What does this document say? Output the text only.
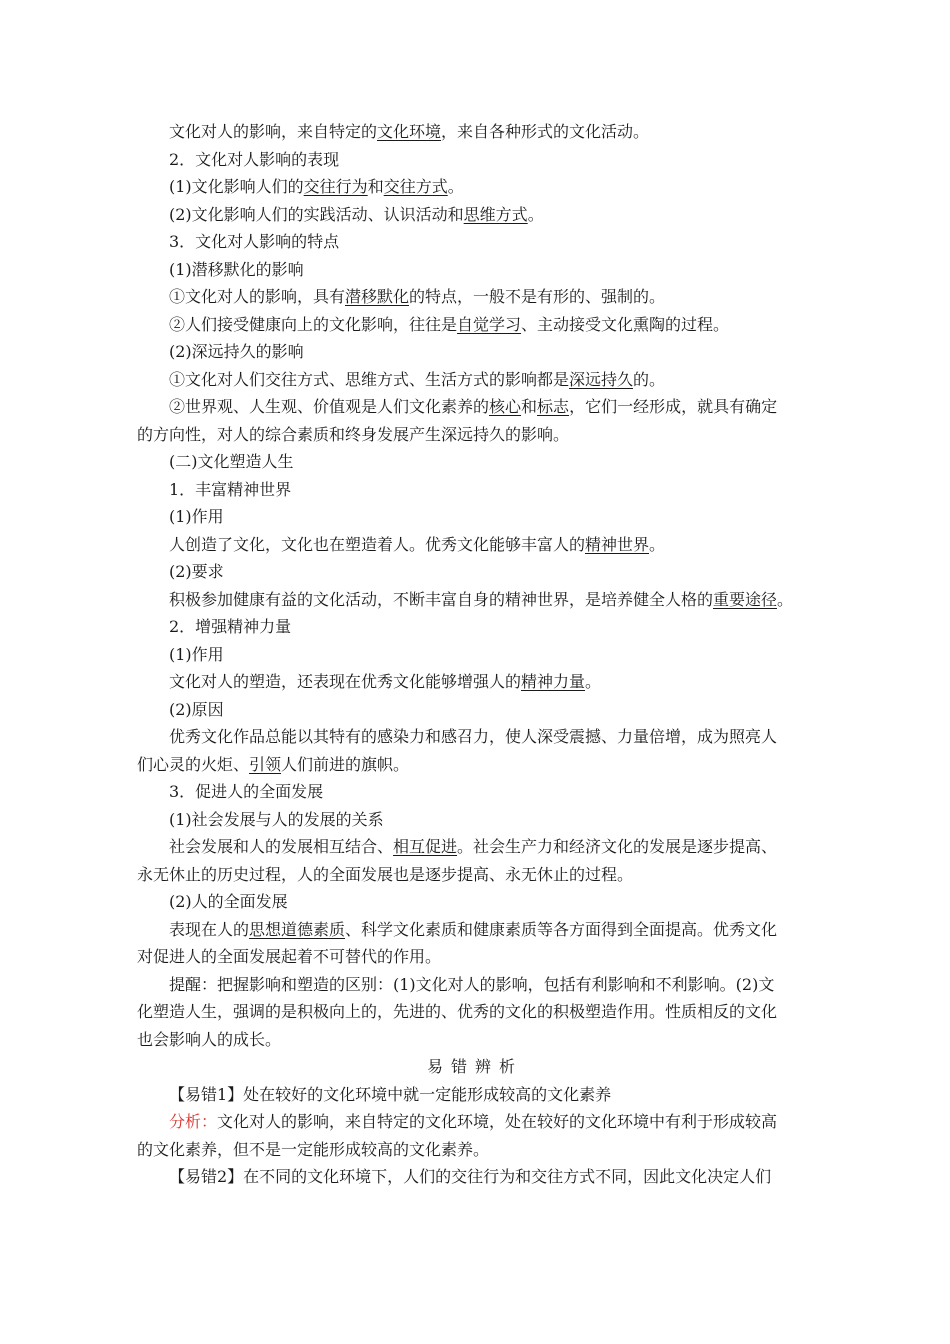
文化对人的影响，来自特定的文化环境，来自各种形式的文化活动。

2．文化对人影响的表现

(1)文化影响人们的交往行为和交往方式。

(2)文化影响人们的实践活动、认识活动和思维方式。

3．文化对人影响的特点

(1)潜移默化的影响

①文化对人的影响，具有潜移默化的特点，一般不是有形的、强制的。

②人们接受健康向上的文化影响，往往是自觉学习、主动接受文化熏陶的过程。

(2)深远持久的影响

①文化对人们交往方式、思维方式、生活方式的影响都是深远持久的。

②世界观、人生观、价值观是人们文化素养的核心和标志，它们一经形成，就具有确定

的方向性，对人的综合素质和终身发展产生深远持久的影响。

(二)文化塑造人生

1．丰富精神世界

(1)作用

人创造了文化，文化也在塑造着人。优秀文化能够丰富人的精神世界。

(2)要求

积极参加健康有益的文化活动，不断丰富自身的精神世界，是培养健全人格的重要途径。

2．增强精神力量

(1)作用

文化对人的塑造，还表现在优秀文化能够增强人的精神力量。

(2)原因

优秀文化作品总能以其特有的感染力和感召力，使人深受震撼、力量倍增，成为照亮人

们心灵的火炬、引领人们前进的旗帜。

3．促进人的全面发展

(1)社会发展与人的发展的关系

社会发展和人的发展相互结合、相互促进。社会生产力和经济文化的发展是逐步提高、

永无休止的历史过程，人的全面发展也是逐步提高、永无休止的过程。

(2)人的全面发展

表现在人的思想道德素质、科学文化素质和健康素质等各方面得到全面提高。优秀文化

对促进人的全面发展起着不可替代的作用。

提醒：把握影响和塑造的区别：(1)文化对人的影响，包括有利影响和不利影响。(2)文

化塑造人生，强调的是积极向上的，先进的、优秀的文化的积极塑造作用。性质相反的文化

也会影响人的成长。

易错辨析

【易错1】处在较好的文化环境中就一定能形成较高的文化素养

分析：文化对人的影响，来自特定的文化环境，处在较好的文化环境中有利于形成较高

的文化素养，但不是一定能形成较高的文化素养。

【易错2】在不同的文化环境下，人们的交往行为和交往方式不同，因此文化决定人们
